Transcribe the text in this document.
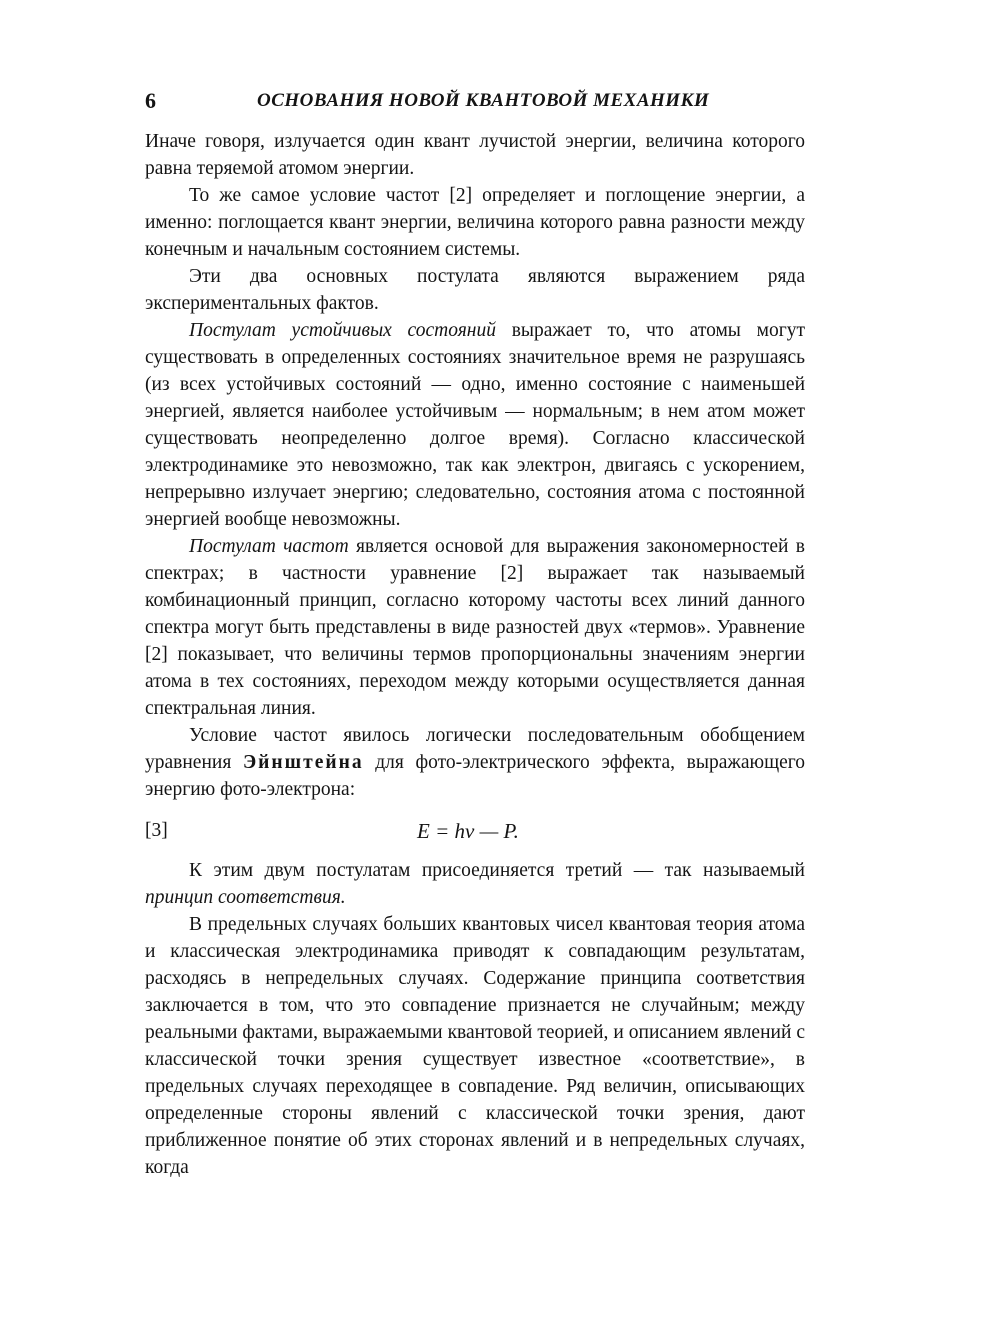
6	ОСНОВАНИЯ НОВОЙ КВАНТОВОЙ МЕХАНИКИ

Иначе говоря, излучается один квант лучистой энергии, величина которого равна теряемой атомом энергии.

То же самое условие частот [2] определяет и поглощение энергии, а именно: поглощается квант энергии, величина которого равна разности между конечным и начальным состоянием системы.

Эти два основных постулата являются выражением ряда экспериментальных фактов.

Постулат устойчивых состояний выражает то, что атомы могут существовать в определенных состояниях значительное время не разрушаясь (из всех устойчивых состояний — одно, именно состояние с наименьшей энергией, является наиболее устойчивым — нормальным; в нем атом может существовать неопределенно долгое время). Согласно классической электродинамике это невозможно, так как электрон, двигаясь с ускорением, непрерывно излучает энергию; следовательно, состояния атома с постоянной энергией вообще невозможны.

Постулат частот является основой для выражения закономерностей в спектрах; в частности уравнение [2] выражает так называемый комбинационный принцип, согласно которому частоты всех линий данного спектра могут быть представлены в виде разностей двух «термов». Уравнение [2] показывает, что величины термов пропорциональны значениям энергии атома в тех состояниях, переходом между которыми осуществляется данная спектральная линия.

Условие частот явилось логически последовательным обобщением уравнения Эйнштейна для фото-электрического эффекта, выражающего энергию фото-электрона:

[3]	E = hν — P.

К этим двум постулатам присоединяется третий — так называемый принцип соответствия.

В предельных случаях больших квантовых чисел квантовая теория атома и классическая электродинамика приводят к совпадающим результатам, расходясь в непредельных случаях. Содержание принципа соответствия заключается в том, что это совпадение признается не случайным; между реальными фактами, выражаемыми квантовой теорией, и описанием явлений с классической точки зрения существует известное «соответствие», в предельных случаях переходящее в совпадение. Ряд величин, описывающих определенные стороны явлений с классической точки зрения, дают приближенное понятие об этих сторонах явлений и в непредельных случаях, когда
